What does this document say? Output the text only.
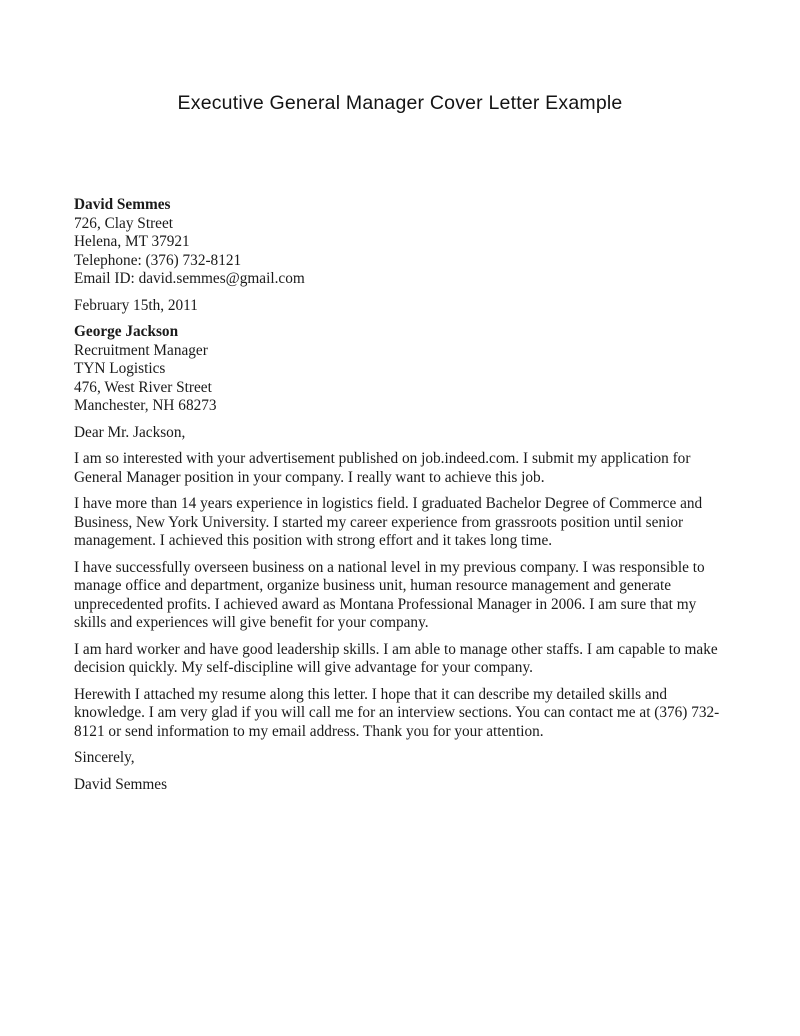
Executive General Manager Cover Letter Example
David Semmes
726, Clay Street
Helena, MT 37921
Telephone: (376) 732-8121
Email ID: david.semmes@gmail.com
February 15th, 2011
George Jackson
Recruitment Manager
TYN Logistics
476, West River Street
Manchester, NH 68273

Dear Mr. Jackson,

I am so interested with your advertisement published on job.indeed.com. I submit my application for General Manager position in your company. I really want to achieve this job.

I have more than 14 years experience in logistics field. I graduated Bachelor Degree of Commerce and Business, New York University. I started my career experience from grassroots position until senior management. I achieved this position with strong effort and it takes long time.

I have successfully overseen business on a national level in my previous company. I was responsible to manage office and department, organize business unit, human resource management and generate unprecedented profits. I achieved award as Montana Professional Manager in 2006. I am sure that my skills and experiences will give benefit for your company.

I am hard worker and have good leadership skills. I am able to manage other staffs. I am capable to make decision quickly. My self-discipline will give advantage for your company.

Herewith I attached my resume along this letter. I hope that it can describe my detailed skills and knowledge. I am very glad if you will call me for an interview sections. You can contact me at (376) 732-8121 or send information to my email address. Thank you for your attention.

Sincerely,
David Semmes
